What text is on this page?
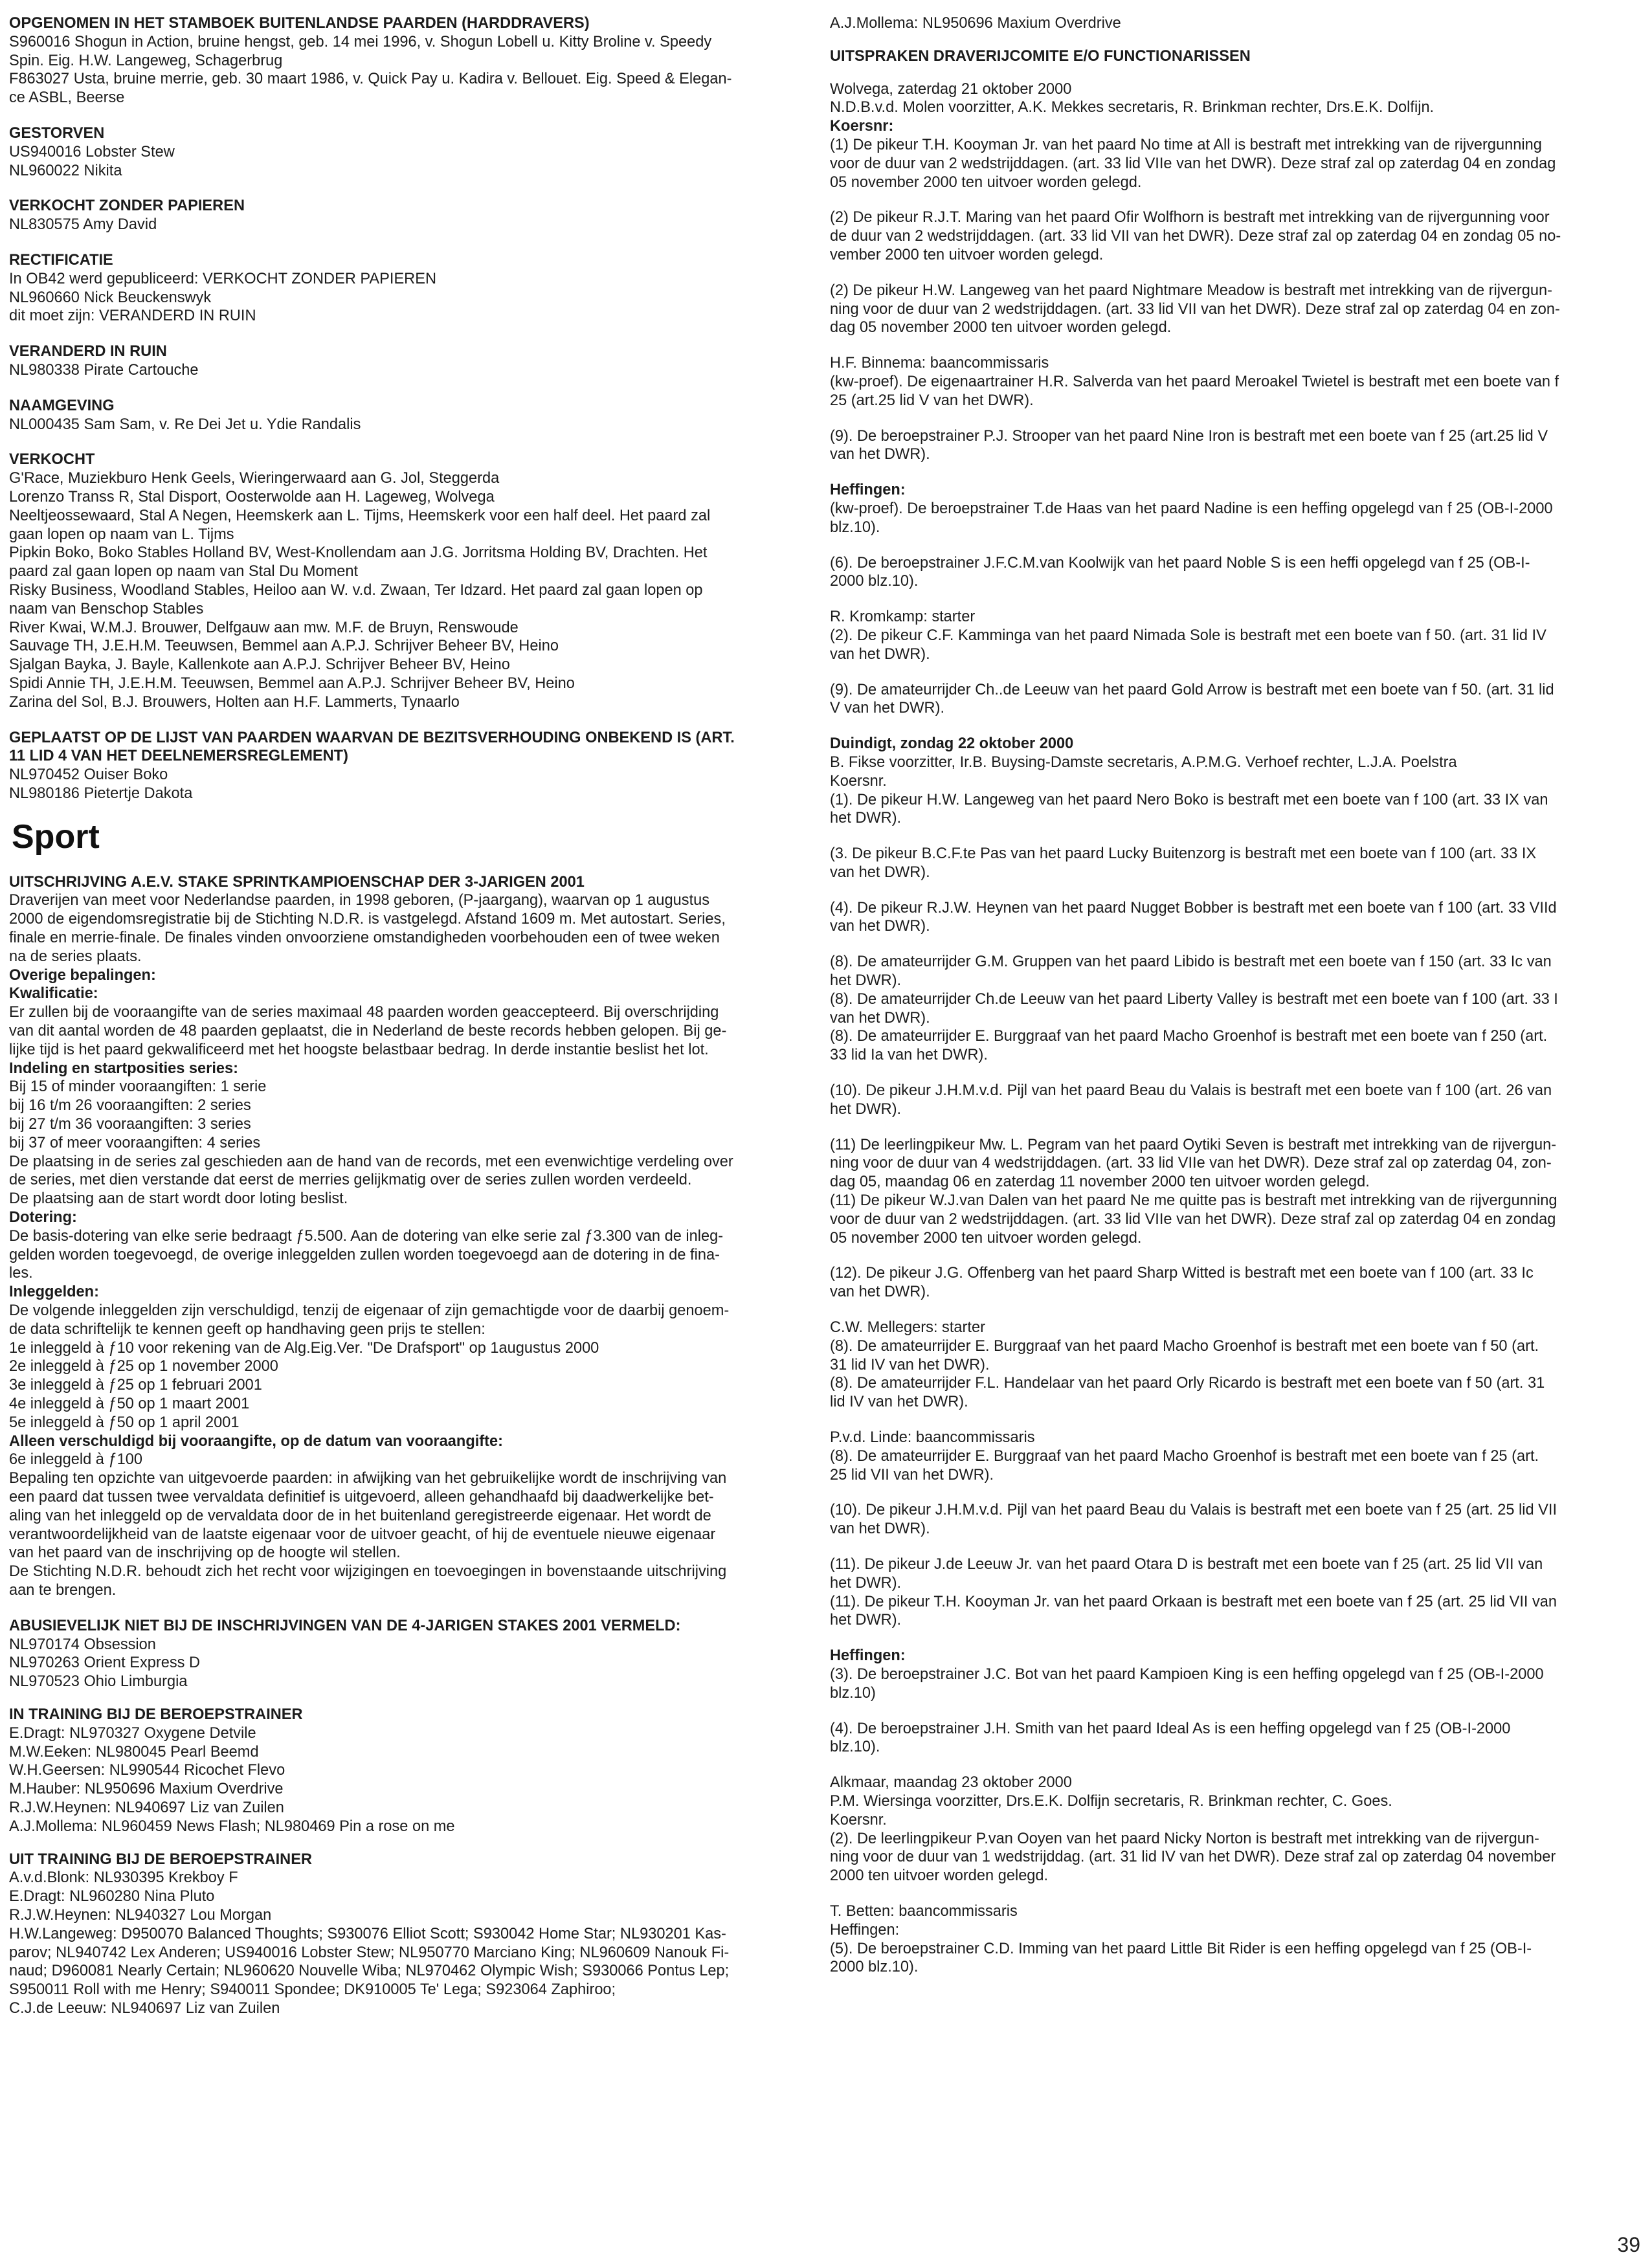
OPGENOMEN IN HET STAMBOEK BUITENLANDSE PAARDEN (HARDDRAVERS)
S960016 Shogun in Action, bruine hengst, geb. 14 mei 1996, v. Shogun Lobell u. Kitty Broline v. Speedy
Spin. Eig. H.W. Langeweg, Schagerbrug
F863027 Usta, bruine merrie, geb. 30 maart 1986, v. Quick Pay u. Kadira v. Bellouet. Eig. Speed & Elegan-
ce ASBL, Beerse
GESTORVEN
US940016 Lobster Stew
NL960022 Nikita
VERKOCHT ZONDER PAPIEREN
NL830575 Amy David
RECTIFICATIE
In OB42 werd gepubliceerd: VERKOCHT ZONDER PAPIEREN
NL960660 Nick Beuckenswyk
dit moet zijn: VERANDERD IN RUIN
VERANDERD IN RUIN
NL980338 Pirate Cartouche
NAAMGEVING
NL000435 Sam Sam, v. Re Dei Jet u. Ydie Randalis
VERKOCHT
G'Race, Muziekburo Henk Geels, Wieringerwaard aan G. Jol, Steggerda
Lorenzo Transs R, Stal Disport, Oosterwolde aan H. Lageweg, Wolvega
Neeltjeossewaard, Stal A Negen, Heemskerk aan L. Tijms, Heemskerk voor een half deel. Het paard zal
gaan lopen op naam van L. Tijms
Pipkin Boko, Boko Stables Holland BV, West-Knollendam aan J.G. Jorritsma Holding BV, Drachten. Het
paard zal gaan lopen op naam van Stal Du Moment
Risky Business, Woodland Stables, Heiloo aan W. v.d. Zwaan, Ter Idzard. Het paard zal gaan lopen op
naam van Benschop Stables
River Kwai, W.M.J. Brouwer, Delfgauw aan mw. M.F. de Bruyn, Renswoude
Sauvage TH, J.E.H.M. Teeuwsen, Bemmel aan A.P.J. Schrijver Beheer BV, Heino
Sjalgan Bayka, J. Bayle, Kallenkote aan A.P.J. Schrijver Beheer BV, Heino
Spidi Annie TH, J.E.H.M. Teeuwsen, Bemmel aan A.P.J. Schrijver Beheer BV, Heino
Zarina del Sol, B.J. Brouwers, Holten aan H.F. Lammerts, Tynaarlo
GEPLAATST OP DE LIJST VAN PAARDEN WAARVAN DE BEZITSVERHOUDING ONBEKEND IS (ART.
11 LID 4 VAN HET DEELNEMERSREGLEMENT)
NL970452 Ouiser Boko
NL980186 Pietertje Dakota
Sport
UITSCHRIJVING A.E.V. STAKE SPRINTKAMPIOENSCHAP DER 3-JARIGEN 2001
Draverijen van meet voor Nederlandse paarden, in 1998 geboren, (P-jaargang), waarvan op 1 augustus
2000 de eigendomsregistratie bij de Stichting N.D.R. is vastgelegd. Afstand 1609 m. Met autostart. Series,
finale en merrie-finale. De finales vinden onvoorziene omstandigheden voorbehouden een of twee weken
na de series plaats.
Overige bepalingen:
Kwalificatie:
Er zullen bij de vooraangifte van de series maximaal 48 paarden worden geaccepteerd. Bij overschrijding
van dit aantal worden de 48 paarden geplaatst, die in Nederland de beste records hebben gelopen. Bij ge-
lijke tijd is het paard gekwalificeerd met het hoogste belastbaar bedrag. In derde instantie beslist het lot.
Indeling en startposities series:
Bij 15 of minder vooraangiften: 1 serie
bij 16 t/m 26 vooraangiften: 2 series
bij 27 t/m 36 vooraangiften: 3 series
bij 37 of meer vooraangiften: 4 series
De plaatsing in de series zal geschieden aan de hand van de records, met een evenwichtige verdeling over
de series, met dien verstande dat eerst de merries gelijkmatig over de series zullen worden verdeeld.
De plaatsing aan de start wordt door loting beslist.
Dotering:
De basis-dotering van elke serie bedraagt ƒ5.500. Aan de dotering van elke serie zal ƒ3.300 van de inleg-
gelden worden toegevoegd, de overige inleggelden zullen worden toegevoegd aan de dotering in de fina-
les.
Inleggelden:
De volgende inleggelden zijn verschuldigd, tenzij de eigenaar of zijn gemachtigde voor de daarbij genoem-
de data schriftelijk te kennen geeft op handhaving geen prijs te stellen:
1e inleggeld à ƒ10 voor rekening van de Alg.Eig.Ver. "De Drafsport" op 1augustus 2000
2e inleggeld à ƒ25 op 1 november 2000
3e inleggeld à ƒ25 op 1 februari 2001
4e inleggeld à ƒ50 op 1 maart 2001
5e inleggeld à ƒ50 op 1 april 2001
Alleen verschuldigd bij vooraangifte, op de datum van vooraangifte:
6e inleggeld à ƒ100
Bepaling ten opzichte van uitgevoerde paarden: in afwijking van het gebruikelijke wordt de inschrijving van
een paard dat tussen twee vervaldata definitief is uitgevoerd, alleen gehandhaafd bij daadwerkelijke bet-
aling van het inleggeld op de vervaldata door de in het buitenland geregistreerde eigenaar. Het wordt de
verantwoordelijkheid van de laatste eigenaar voor de uitvoer geacht, of hij de eventuele nieuwe eigenaar
van het paard van de inschrijving op de hoogte wil stellen.
De Stichting N.D.R. behoudt zich het recht voor wijzigingen en toevoegingen in bovenstaande uitschrijving
aan te brengen.
ABUSIEVELIJK NIET BIJ DE INSCHRIJVINGEN VAN DE 4-JARIGEN STAKES 2001 VERMELD:
NL970174 Obsession
NL970263 Orient Express D
NL970523 Ohio Limburgia
IN TRAINING BIJ DE BEROEPSTRAINER
E.Dragt: NL970327 Oxygene Detvile
M.W.Eeken: NL980045 Pearl Beemd
W.H.Geersen: NL990544 Ricochet Flevo
M.Hauber: NL950696 Maxium Overdrive
R.J.W.Heynen: NL940697 Liz van Zuilen
A.J.Mollema: NL960459 News Flash; NL980469 Pin a rose on me
UIT TRAINING BIJ DE BEROEPSTRAINER
A.v.d.Blonk: NL930395 Krekboy F
E.Dragt: NL960280 Nina Pluto
R.J.W.Heynen: NL940327 Lou Morgan
H.W.Langeweg: D950070 Balanced Thoughts; S930076 Elliot Scott; S930042 Home Star; NL930201 Kas-
parov; NL940742 Lex Anderen; US940016 Lobster Stew; NL950770 Marciano King; NL960609 Nanouk Fi-
naud; D960081 Nearly Certain; NL960620 Nouvelle Wiba; NL970462 Olympic Wish; S930066 Pontus Lep;
S950011 Roll with me Henry; S940011 Spondee; DK910005 Te' Lega; S923064 Zaphiroo;
C.J.de Leeuw: NL940697 Liz van Zuilen
A.J.Mollema: NL950696 Maxium Overdrive
UITSPRAKEN DRAVERIJCOMITE E/O FUNCTIONARISSEN
Wolvega, zaterdag 21 oktober 2000
N.D.B.v.d. Molen voorzitter, A.K. Mekkes secretaris, R. Brinkman rechter, Drs.E.K. Dolfijn.
Koersnr:
(1) De pikeur T.H. Kooyman Jr. van het paard No time at All is bestraft met intrekking van de rijvergunning
voor de duur van 2 wedstrijddagen. (art. 33 lid VIIe van het DWR). Deze straf zal op zaterdag 04 en zondag
05 november 2000 ten uitvoer worden gelegd.
(2) De pikeur R.J.T. Maring van het paard Ofir Wolfhorn is bestraft met intrekking van de rijvergunning voor
de duur van 2 wedstrijddagen. (art. 33 lid VII van het DWR). Deze straf zal op zaterdag 04 en zondag 05 no-
vember 2000 ten uitvoer worden gelegd.
(2) De pikeur H.W. Langeweg van het paard Nightmare Meadow is bestraft met intrekking van de rijvergun-
ning voor de duur van 2 wedstrijddagen. (art. 33 lid VII van het DWR). Deze straf zal op zaterdag 04 en zon-
dag 05 november 2000 ten uitvoer worden gelegd.
H.F. Binnema: baancommissaris
(kw-proef). De eigenaartrainer H.R. Salverda van het paard Meroakel Twietel is bestraft met een boete van f
25 (art.25 lid V van het DWR).
(9). De beroepstrainer P.J. Strooper van het paard Nine Iron is bestraft met een boete van f 25 (art.25 lid V
van het DWR).
Heffingen:
(kw-proef). De beroepstrainer T.de Haas van het paard Nadine is een heffing opgelegd van f 25 (OB-I-2000
blz.10).
(6). De beroepstrainer J.F.C.M.van Koolwijk van het paard Noble S is een heffi opgelegd van f 25 (OB-I-
2000 blz.10).
R. Kromkamp: starter
(2). De pikeur C.F. Kamminga van het paard Nimada Sole is bestraft met een boete van f 50. (art. 31 lid IV
van het DWR).
(9). De amateurrijder Ch..de Leeuw van het paard Gold Arrow is bestraft met een boete van f 50. (art. 31 lid
V van het DWR).
Duindigt, zondag 22 oktober 2000
B. Fikse voorzitter, Ir.B. Buysing-Damste secretaris, A.P.M.G. Verhoef rechter, L.J.A. Poelstra
Koersnr.
(1). De pikeur H.W. Langeweg van het paard Nero Boko is bestraft met een boete van f 100 (art. 33 IX van
het DWR).
(3. De pikeur B.C.F.te Pas van het paard Lucky Buitenzorg is bestraft met een boete van f 100 (art. 33 IX
van het DWR).
(4). De pikeur R.J.W. Heynen van het paard Nugget Bobber is bestraft met een boete van f 100 (art. 33 VIId
van het DWR).
(8). De amateurrijder G.M. Gruppen van het paard Libido is bestraft met een boete van f 150 (art. 33 Ic van
het DWR).
(8). De amateurrijder Ch.de Leeuw van het paard Liberty Valley is bestraft met een boete van f 100 (art. 33 I
van het DWR).
(8). De amateurrijder E. Burggraaf van het paard Macho Groenhof is bestraft met een boete van f 250 (art.
33 lid Ia van het DWR).
(10). De pikeur J.H.M.v.d. Pijl van het paard Beau du Valais is bestraft met een boete van f 100 (art. 26 van
het DWR).
(11) De leerlingpikeur Mw. L. Pegram van het paard Oytiki Seven is bestraft met intrekking van de rijvergun-
ning voor de duur van 4 wedstrijddagen. (art. 33 lid VIIe van het DWR). Deze straf zal op zaterdag 04, zon-
dag 05, maandag 06 en zaterdag 11 november 2000 ten uitvoer worden gelegd.
(11) De pikeur W.J.van Dalen van het paard Ne me quitte pas is bestraft met intrekking van de rijvergunning
voor de duur van 2 wedstrijddagen. (art. 33 lid VIIe van het DWR). Deze straf zal op zaterdag 04 en zondag
05 november 2000 ten uitvoer worden gelegd.
(12). De pikeur J.G. Offenberg van het paard Sharp Witted is bestraft met een boete van f 100 (art. 33 Ic
van het DWR).
C.W. Mellegers: starter
(8). De amateurrijder E. Burggraaf van het paard Macho Groenhof is bestraft met een boete van f 50 (art.
31 lid IV van het DWR).
(8). De amateurrijder F.L. Handelaar van het paard Orly Ricardo is bestraft met een boete van f 50 (art. 31
lid IV van het DWR).
P.v.d. Linde: baancommissaris
(8). De amateurrijder E. Burggraaf van het paard Macho Groenhof is bestraft met een boete van f 25 (art.
25 lid VII van het DWR).
(10). De pikeur J.H.M.v.d. Pijl van het paard Beau du Valais is bestraft met een boete van f 25 (art. 25 lid VII
van het DWR).
(11). De pikeur J.de Leeuw Jr. van het paard Otara D is bestraft met een boete van f 25 (art. 25 lid VII van
het DWR).
(11). De pikeur T.H. Kooyman Jr. van het paard Orkaan is bestraft met een boete van f 25 (art. 25 lid VII van
het DWR).
Heffingen:
(3). De beroepstrainer J.C. Bot van het paard Kampioen King is een heffing opgelegd van f 25 (OB-I-2000
blz.10)
(4). De beroepstrainer J.H. Smith van het paard Ideal As is een heffing opgelegd van f 25 (OB-I-2000
blz.10).
Alkmaar, maandag 23 oktober 2000
P.M. Wiersinga voorzitter, Drs.E.K. Dolfijn secretaris, R. Brinkman rechter, C. Goes.
Koersnr.
(2). De leerlingpikeur P.van Ooyen van het paard Nicky Norton is bestraft met intrekking van de rijvergun-
ning voor de duur van 1 wedstrijddag. (art. 31 lid IV van het DWR). Deze straf zal op zaterdag 04 november
2000 ten uitvoer worden gelegd.
T. Betten: baancommissaris
Heffingen:
(5). De beroepstrainer C.D. Imming van het paard Little Bit Rider is een heffing opgelegd van f 25 (OB-I-
2000 blz.10).
39
